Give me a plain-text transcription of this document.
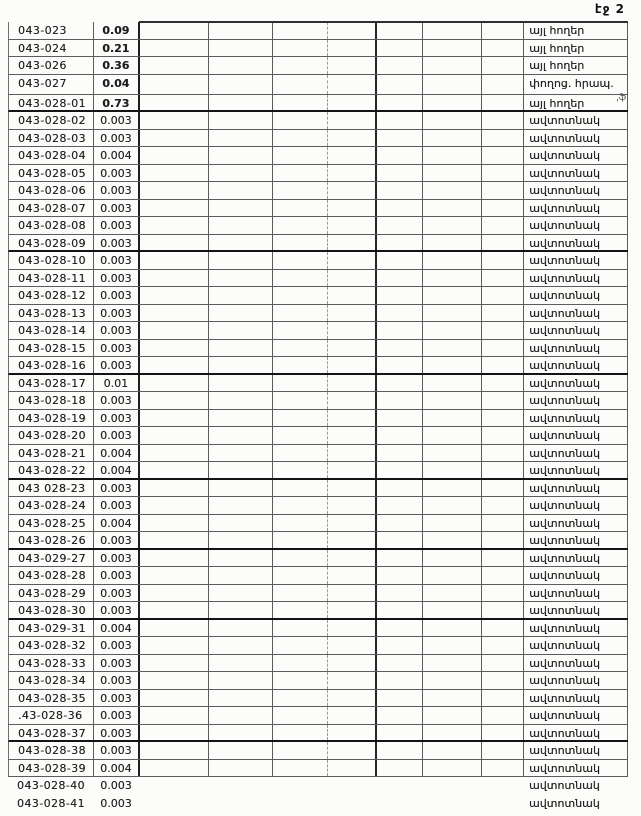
էջ 2
043-023	0.09	այլ հողեր
043-024	0.21	այլ հողեր
043-026	0.36	այլ հողեր
043-027	0.04	փողոց. հրապ.
043-028-01	0.73	այլ հողեր
043-028-02	0.003	ավտոտնակ
043-028-03	0.003	ավտոտնակ
043-028-04	0.004	ավտոտնակ
043-028-05	0.003	ավտոտնակ
043-028-06	0.003	ավտոտնակ
043-028-07	0.003	ավտոտնակ
043-028-08	0.003	ավտոտնակ
043-028-09	0.003	ավտոտնակ
043-028-10	0.003	ավտոտնակ
043-028-11	0.003	ավտոտնակ
043-028-12	0.003	ավտոտնակ
043-028-13	0.003	ավտոտնակ
043-028-14	0.003	ավտոտնակ
043-028-15	0.003	ավտոտնակ
043-028-16	0.003	ավտոտնակ
043-028-17	0.01	ավտոտնակ
043-028-18	0.003	ավտոտնակ
043-028-19	0.003	ավտոտնակ
043-028-20	0.003	ավտոտնակ
043-028-21	0.004	ավտոտնակ
043-028-22	0.004	ավտոտնակ
043 028-23	0.003	ավտոտնակ
043-028-24	0.003	ավտոտնակ
043-028-25	0.004	ավտոտնակ
043-028-26	0.003	ավտոտնակ
043-029-27	0.003	ավտոտնակ
043-028-28	0.003	ավտոտնակ
043-028-29	0.003	ավտոտնակ
043-028-30	0.003	ավտոտնակ
043-029-31	0.004	ավտոտնակ
043-028-32	0.003	ավտոտնակ
043-028-33	0.003	ավտոտնակ
043-028-34	0.003	ավտոտնակ
043-028-35	0.003	ավտոտնակ
.43-028-36	0.003	ավտոտնակ
043-028-37	0.003	ավտոտնակ
043-028-38	0.003	ավտոտնակ
043-028-39	0.004	ավտոտնակ
043-028-40	0.003	ավտոտնակ
043-028-41	0.003	ավտոտնակ
,ֆ
